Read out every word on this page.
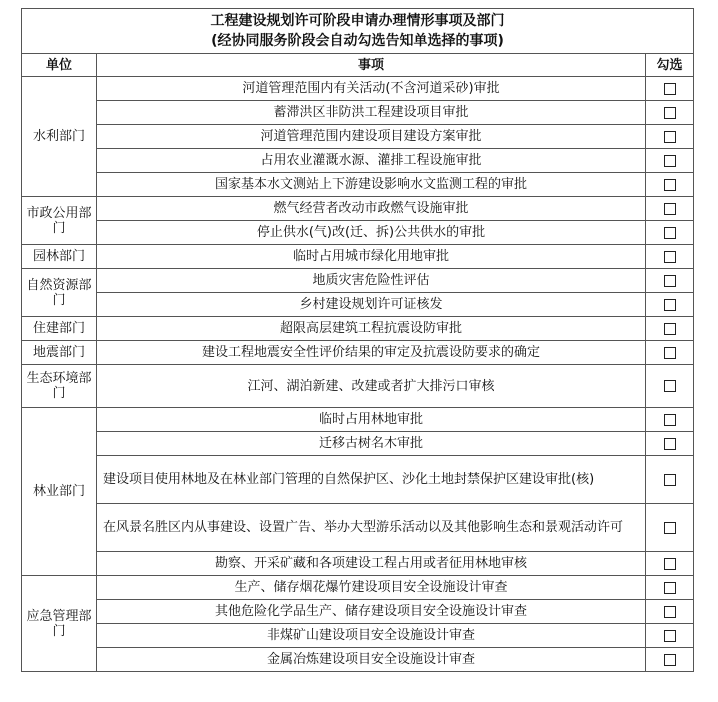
工程建设规划许可阶段申请办理情形事项及部门
(经协同服务阶段会自动勾选告知单选择的事项)		

单位	事项	勾选
水利部门	河道管理范围内有关活动(不含河道采砂)审批	
	蓄滞洪区非防洪工程建设项目审批	
	河道管理范围内建设项目建设方案审批	
	占用农业灌溉水源、灌排工程设施审批	
	国家基本水文测站上下游建设影响水文监测工程的审批	
市政公用部门	燃气经营者改动市政燃气设施审批	
	停止供水(气)改(迁、拆)公共供水的审批	
园林部门	临时占用城市绿化用地审批	
自然资源部门	地质灾害危险性评估	
	乡村建设规划许可证核发	
住建部门	超限高层建筑工程抗震设防审批	
地震部门	建设工程地震安全性评价结果的审定及抗震设防要求的确定	
生态环境部门	江河、湖泊新建、改建或者扩大排污口审核	
林业部门	临时占用林地审批	
	迁移古树名木审批	
	建设项目使用林地及在林业部门管理的自然保护区、沙化土地封禁保护区建设审批(核)	
	在风景名胜区内从事建设、设置广告、举办大型游乐活动以及其他影响生态和景观活动许可	
	勘察、开采矿藏和各项建设工程占用或者征用林地审核	
应急管理部门	生产、储存烟花爆竹建设项目安全设施设计审查	
	其他危险化学品生产、储存建设项目安全设施设计审查	
	非煤矿山建设项目安全设施设计审查	
	金属冶炼建设项目安全设施设计审查	
